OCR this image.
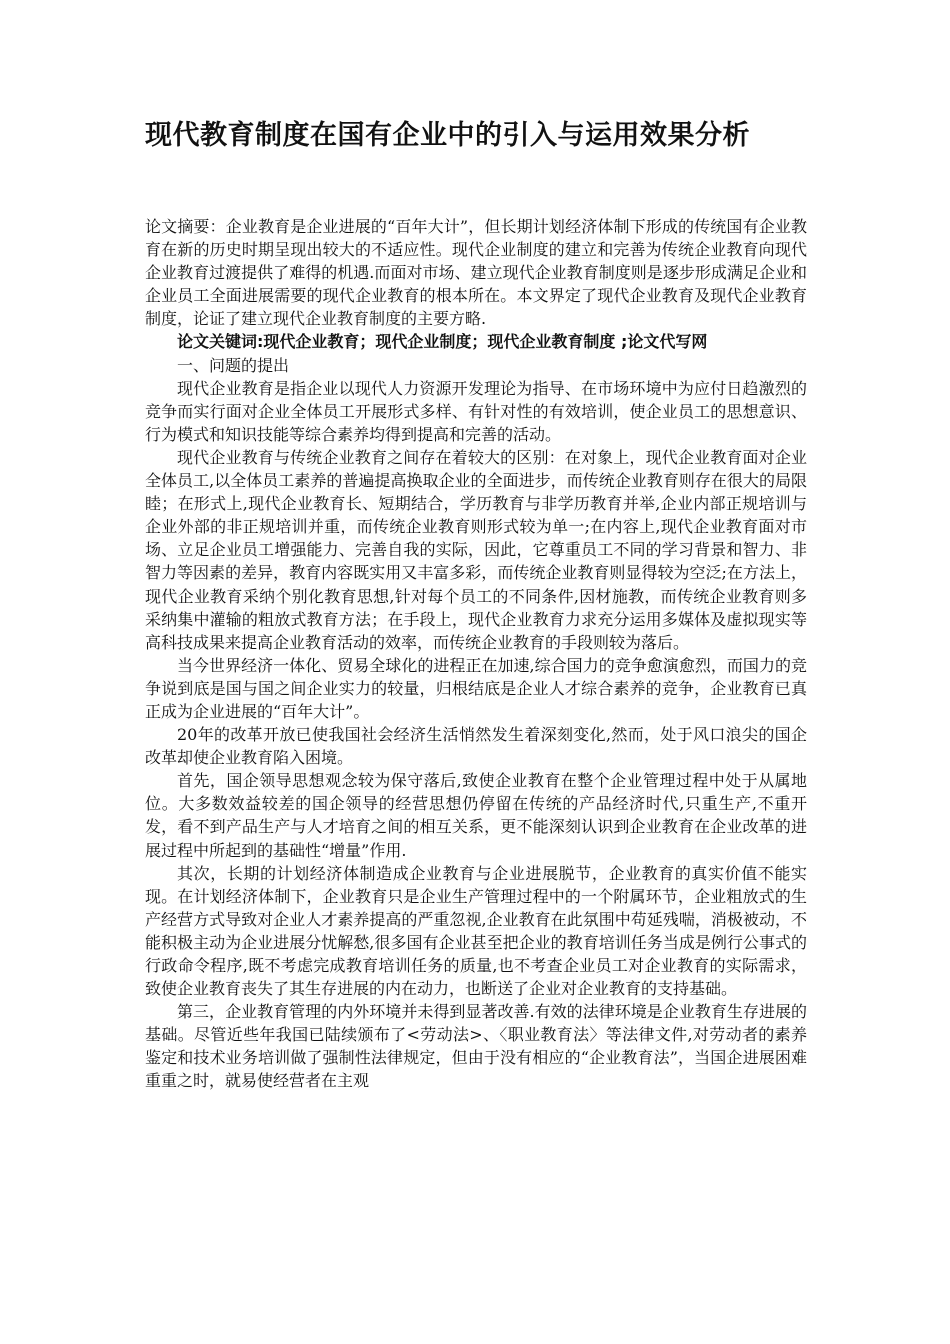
现代教育制度在国有企业中的引入与运用效果分析

论文摘要：企业教育是企业进展的“百年大计”，但长期计划经济体制下形成的传统国有企业教育在新的历史时期呈现出较大的不适应性。现代企业制度的建立和完善为传统企业教育向现代企业教育过渡提供了难得的机遇.而面对市场、建立现代企业教育制度则是逐步形成满足企业和企业员工全面进展需要的现代企业教育的根本所在。本文界定了现代企业教育及现代企业教育制度，论证了建立现代企业教育制度的主要方略.

论文关键词:现代企业教育；现代企业制度；现代企业教育制度 ;论文代写网

一、问题的提出

现代企业教育是指企业以现代人力资源开发理论为指导、在市场环境中为应付日趋激烈的竞争而实行面对企业全体员工开展形式多样、有针对性的有效培训，使企业员工的思想意识、行为模式和知识技能等综合素养均得到提高和完善的活动。

现代企业教育与传统企业教育之间存在着较大的区别：在对象上，现代企业教育面对企业全体员工,以全体员工素养的普遍提高换取企业的全面进步，而传统企业教育则存在很大的局限睦；在形式上,现代企业教育长、短期结合，学历教育与非学历教育并举,企业内部正规培训与企业外部的非正规培训并重，而传统企业教育则形式较为单一;在内容上,现代企业教育面对市场、立足企业员工增强能力、完善自我的实际，因此，它尊重员工不同的学习背景和智力、非智力等因素的差异，教育内容既实用又丰富多彩，而传统企业教育则显得较为空泛;在方法上，现代企业教育采纳个别化教育思想,针对每个员工的不同条件,因材施教，而传统企业教育则多采纳集中灌输的粗放式教育方法；在手段上，现代企业教育力求充分运用多媒体及虚拟现实等高科技成果来提高企业教育活动的效率，而传统企业教育的手段则较为落后。

当今世界经济一体化、贸易全球化的进程正在加速,综合国力的竞争愈演愈烈，而国力的竞争说到底是国与国之间企业实力的较量，归根结底是企业人才综合素养的竞争，企业教育已真正成为企业进展的“百年大计”。

20年的改革开放已使我国社会经济生活悄然发生着深刻变化,然而，处于风口浪尖的国企改革却使企业教育陷入困境。

首先，国企领导思想观念较为保守落后,致使企业教育在整个企业管理过程中处于从属地位。大多数效益较差的国企领导的经营思想仍停留在传统的产品经济时代,只重生产,不重开发，看不到产品生产与人才培育之间的相互关系，更不能深刻认识到企业教育在企业改革的进展过程中所起到的基础性“增量”作用.

其次，长期的计划经济体制造成企业教育与企业进展脱节，企业教育的真实价值不能实现。在计划经济体制下，企业教育只是企业生产管理过程中的一个附属环节，企业粗放式的生产经营方式导致对企业人才素养提高的严重忽视,企业教育在此氛围中苟延残喘，消极被动，不能积极主动为企业进展分忧解愁,很多国有企业甚至把企业的教育培训任务当成是例行公事式的行政命令程序,既不考虑完成教育培训任务的质量,也不考查企业员工对企业教育的实际需求，致使企业教育丧失了其生存进展的内在动力，也断送了企业对企业教育的支持基础。

第三，企业教育管理的内外环境并未得到显著改善.有效的法律环境是企业教育生存进展的基础。尽管近些年我国已陆续颁布了<劳动法>、〈职业教育法〉等法律文件,对劳动者的素养鉴定和技术业务培训做了强制性法律规定，但由于没有相应的“企业教育法”，当国企进展困难重重之时，就易使经营者在主观
